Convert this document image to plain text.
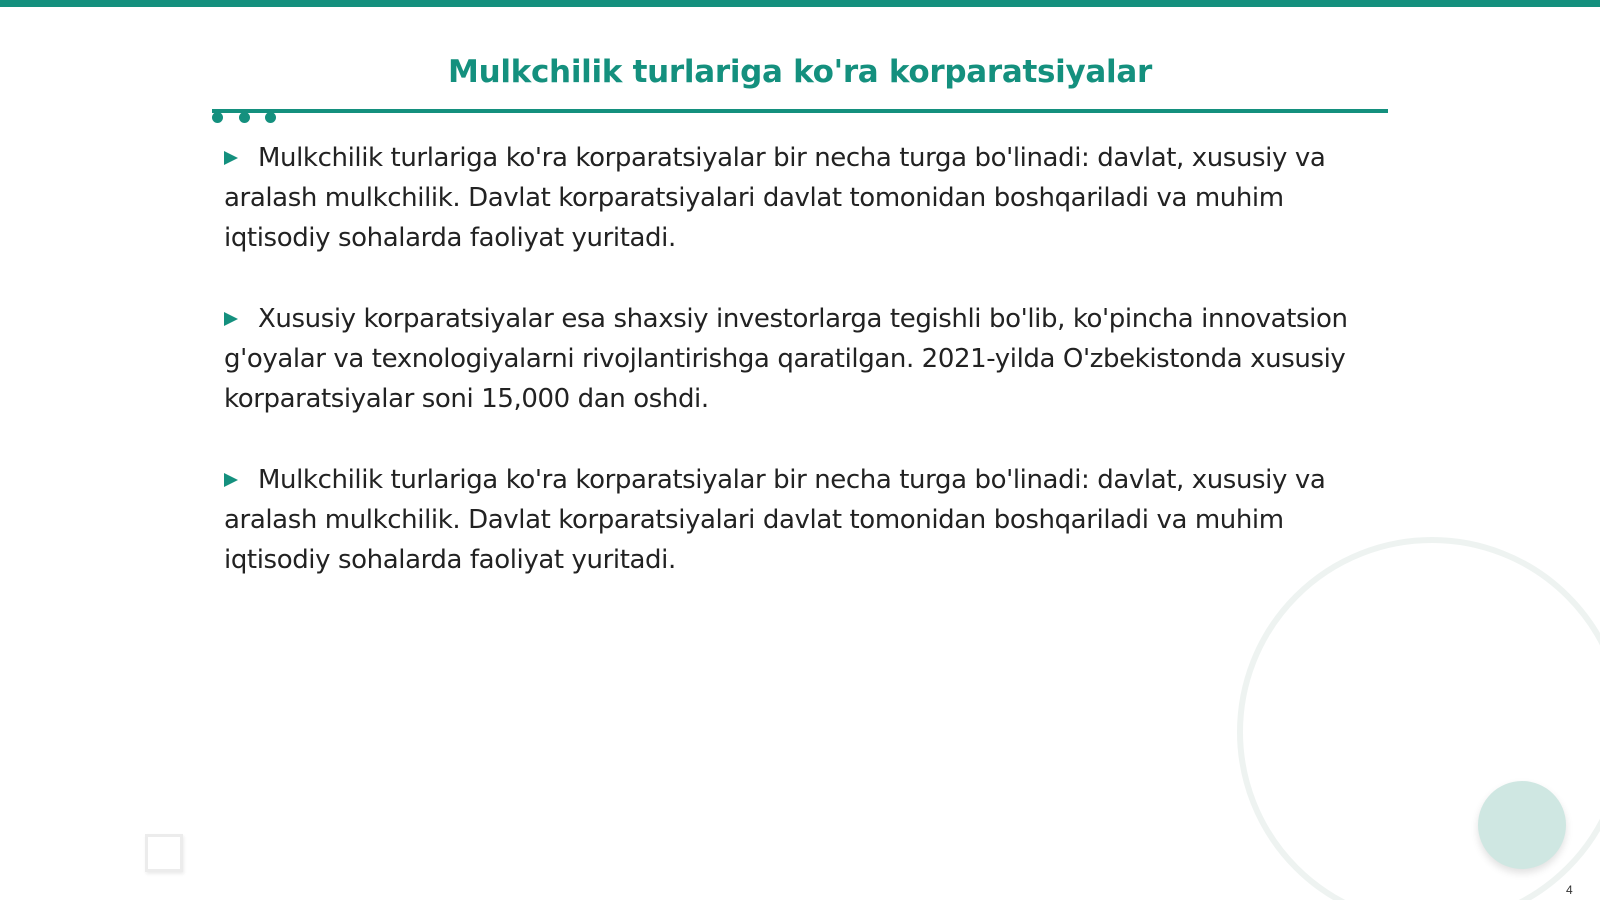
Mulkchilik turlariga ko'ra korparatsiyalar

Mulkchilik turlariga ko'ra korparatsiyalar bir necha turga bo'linadi: davlat, xususiy va aralash mulkchilik. Davlat korparatsiyalari davlat tomonidan boshqariladi va muhim iqtisodiy sohalarda faoliyat yuritadi.

Xususiy korparatsiyalar esa shaxsiy investorlarga tegishli bo'lib, ko'pincha innovatsion g'oyalar va texnologiyalarni rivojlantirishga qaratilgan. 2021-yilda O'zbekistonda xususiy korparatsiyalar soni 15,000 dan oshdi.

Mulkchilik turlariga ko'ra korparatsiyalar bir necha turga bo'linadi: davlat, xususiy va aralash mulkchilik. Davlat korparatsiyalari davlat tomonidan boshqariladi va muhim iqtisodiy sohalarda faoliyat yuritadi.

4
